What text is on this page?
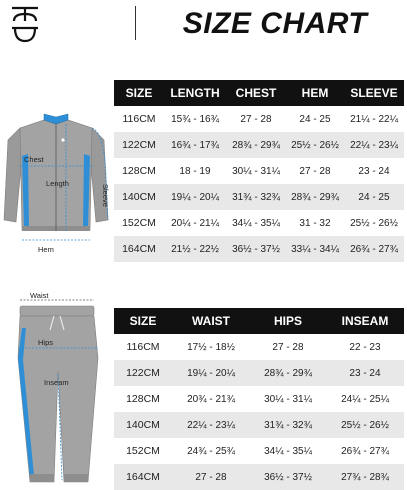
SIZE CHART
Chest
Length
Sleeve
Hem
Waist
Hips
Inseam
SIZE	LENGTH	CHEST	HEM	SLEEVE
116CM	15¾ - 16¾	27 - 28	24 - 25	21¼ - 22¼
122CM	16¾ - 17¾	28¾ - 29¾	25½ - 26½	22¼ - 23¼
128CM	18 - 19	30¼ - 31¼	27 - 28	23 - 24
140CM	19¼ - 20¼	31¾ - 32¾	28¾ - 29¾	24 - 25
152CM	20¼ - 21¼	34¼ - 35¼	31 - 32	25½ - 26½
164CM	21½ - 22½	36½ - 37½	33¼ - 34¼	26¾ - 27¾
SIZE	WAIST	HIPS	INSEAM
116CM	17½ - 18½	27 - 28	22 - 23
122CM	19¼ - 20¼	28¾ - 29¾	23 - 24
128CM	20¾ - 21¾	30¼ - 31¼	24¼ - 25¼
140CM	22¼ - 23¼	31¾ - 32¾	25½ - 26½
152CM	24¾ - 25¾	34¼ - 35¼	26¾ - 27¾
164CM	27 - 28	36½ - 37½	27¾ - 28¾
